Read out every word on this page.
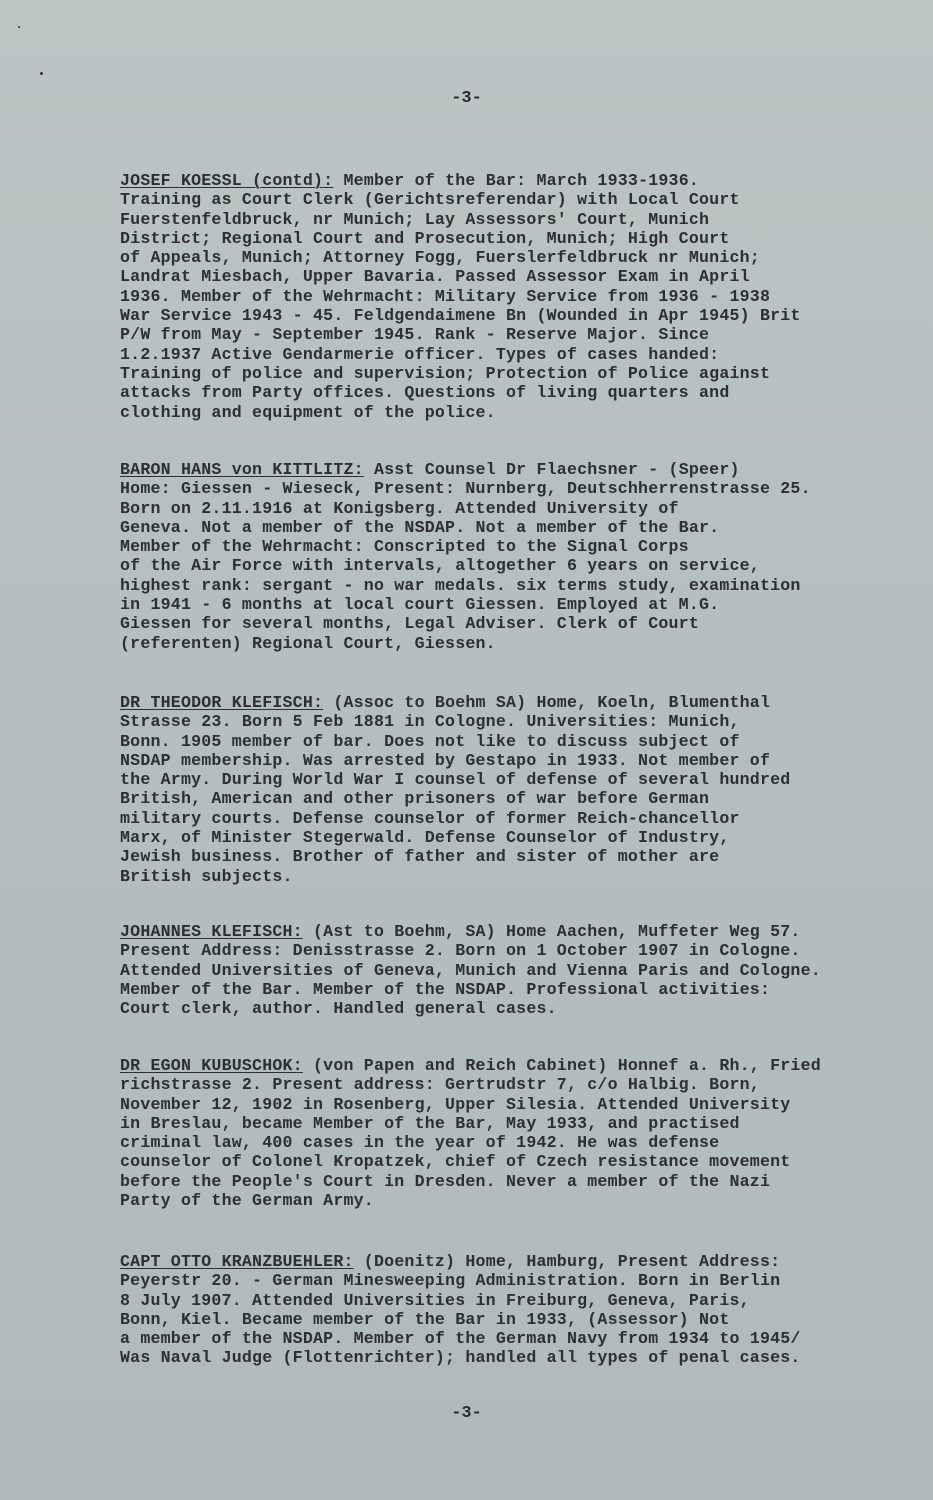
-3-
JOSEF KOESSL (contd): Member of the Bar: March 1933-1936.
Training as Court Clerk (Gerichtsreferendar) with Local Court
Fuerstenfeldbruck, nr Munich; Lay Assessors' Court, Munich
District; Regional Court and Prosecution, Munich; High Court
of Appeals, Munich; Attorney Fogg, Fuerslerfeldbruck nr Munich;
Landrat Miesbach, Upper Bavaria. Passed Assessor Exam in April
1936. Member of the Wehrmacht: Military Service from 1936 - 1938
War Service 1943 - 45. Feldgendaimene Bn (Wounded in Apr 1945) Brit
P/W from May - September 1945. Rank - Reserve Major. Since
1.2.1937 Active Gendarmerie officer. Types of cases handed:
Training of police and supervision; Protection of Police against
attacks from Party offices. Questions of living quarters and
clothing and equipment of the police.
BARON HANS von KITTLITZ: Asst Counsel Dr Flaechsner - (Speer)
Home: Giessen - Wieseck, Present: Nurnberg, Deutschherrenstrasse 25.
Born on 2.11.1916 at Konigsberg. Attended University of
Geneva. Not a member of the NSDAP. Not a member of the Bar.
Member of the Wehrmacht: Conscripted to the Signal Corps
of the Air Force with intervals, altogether 6 years on service,
highest rank: sergant - no war medals. six terms study, examination
in 1941 - 6 months at local court Giessen. Employed at M.G.
Giessen for several months, Legal Adviser. Clerk of Court
(referenten) Regional Court, Giessen.
DR THEODOR KLEFISCH: (Assoc to Boehm SA) Home, Koeln, Blumenthal
Strasse 23. Born 5 Feb 1881 in Cologne. Universities: Munich,
Bonn. 1905 member of bar. Does not like to discuss subject of
NSDAP membership. Was arrested by Gestapo in 1933. Not member of
the Army. During World War I counsel of defense of several hundred
British, American and other prisoners of war before German
military courts. Defense counselor of former Reich-chancellor
Marx, of Minister Stegerwald. Defense Counselor of Industry,
Jewish business. Brother of father and sister of mother are
British subjects.
JOHANNES KLEFISCH: (Ast to Boehm, SA) Home Aachen, Muffeter Weg 57.
Present Address: Denisstrasse 2. Born on 1 October 1907 in Cologne.
Attended Universities of Geneva, Munich and Vienna Paris and Cologne.
Member of the Bar. Member of the NSDAP. Professional activities:
Court clerk, author. Handled general cases.
DR EGON KUBUSCHOK: (von Papen and Reich Cabinet) Honnef a. Rh., Fried
richstrasse 2. Present address: Gertrudstr 7, c/o Halbig. Born,
November 12, 1902 in Rosenberg, Upper Silesia. Attended University
in Breslau, became Member of the Bar, May 1933, and practised
criminal law, 400 cases in the year of 1942. He was defense
counselor of Colonel Kropatzek, chief of Czech resistance movement
before the People's Court in Dresden. Never a member of the Nazi
Party of the German Army.
CAPT OTTO KRANZBUEHLER: (Doenitz) Home, Hamburg, Present Address:
Peyerstr 20. - German Minesweeping Administration. Born in Berlin
8 July 1907. Attended Universities in Freiburg, Geneva, Paris,
Bonn, Kiel. Became member of the Bar in 1933, (Assessor) Not
a member of the NSDAP. Member of the German Navy from 1934 to 1945/
Was Naval Judge (Flottenrichter); handled all types of penal cases.
-3-
